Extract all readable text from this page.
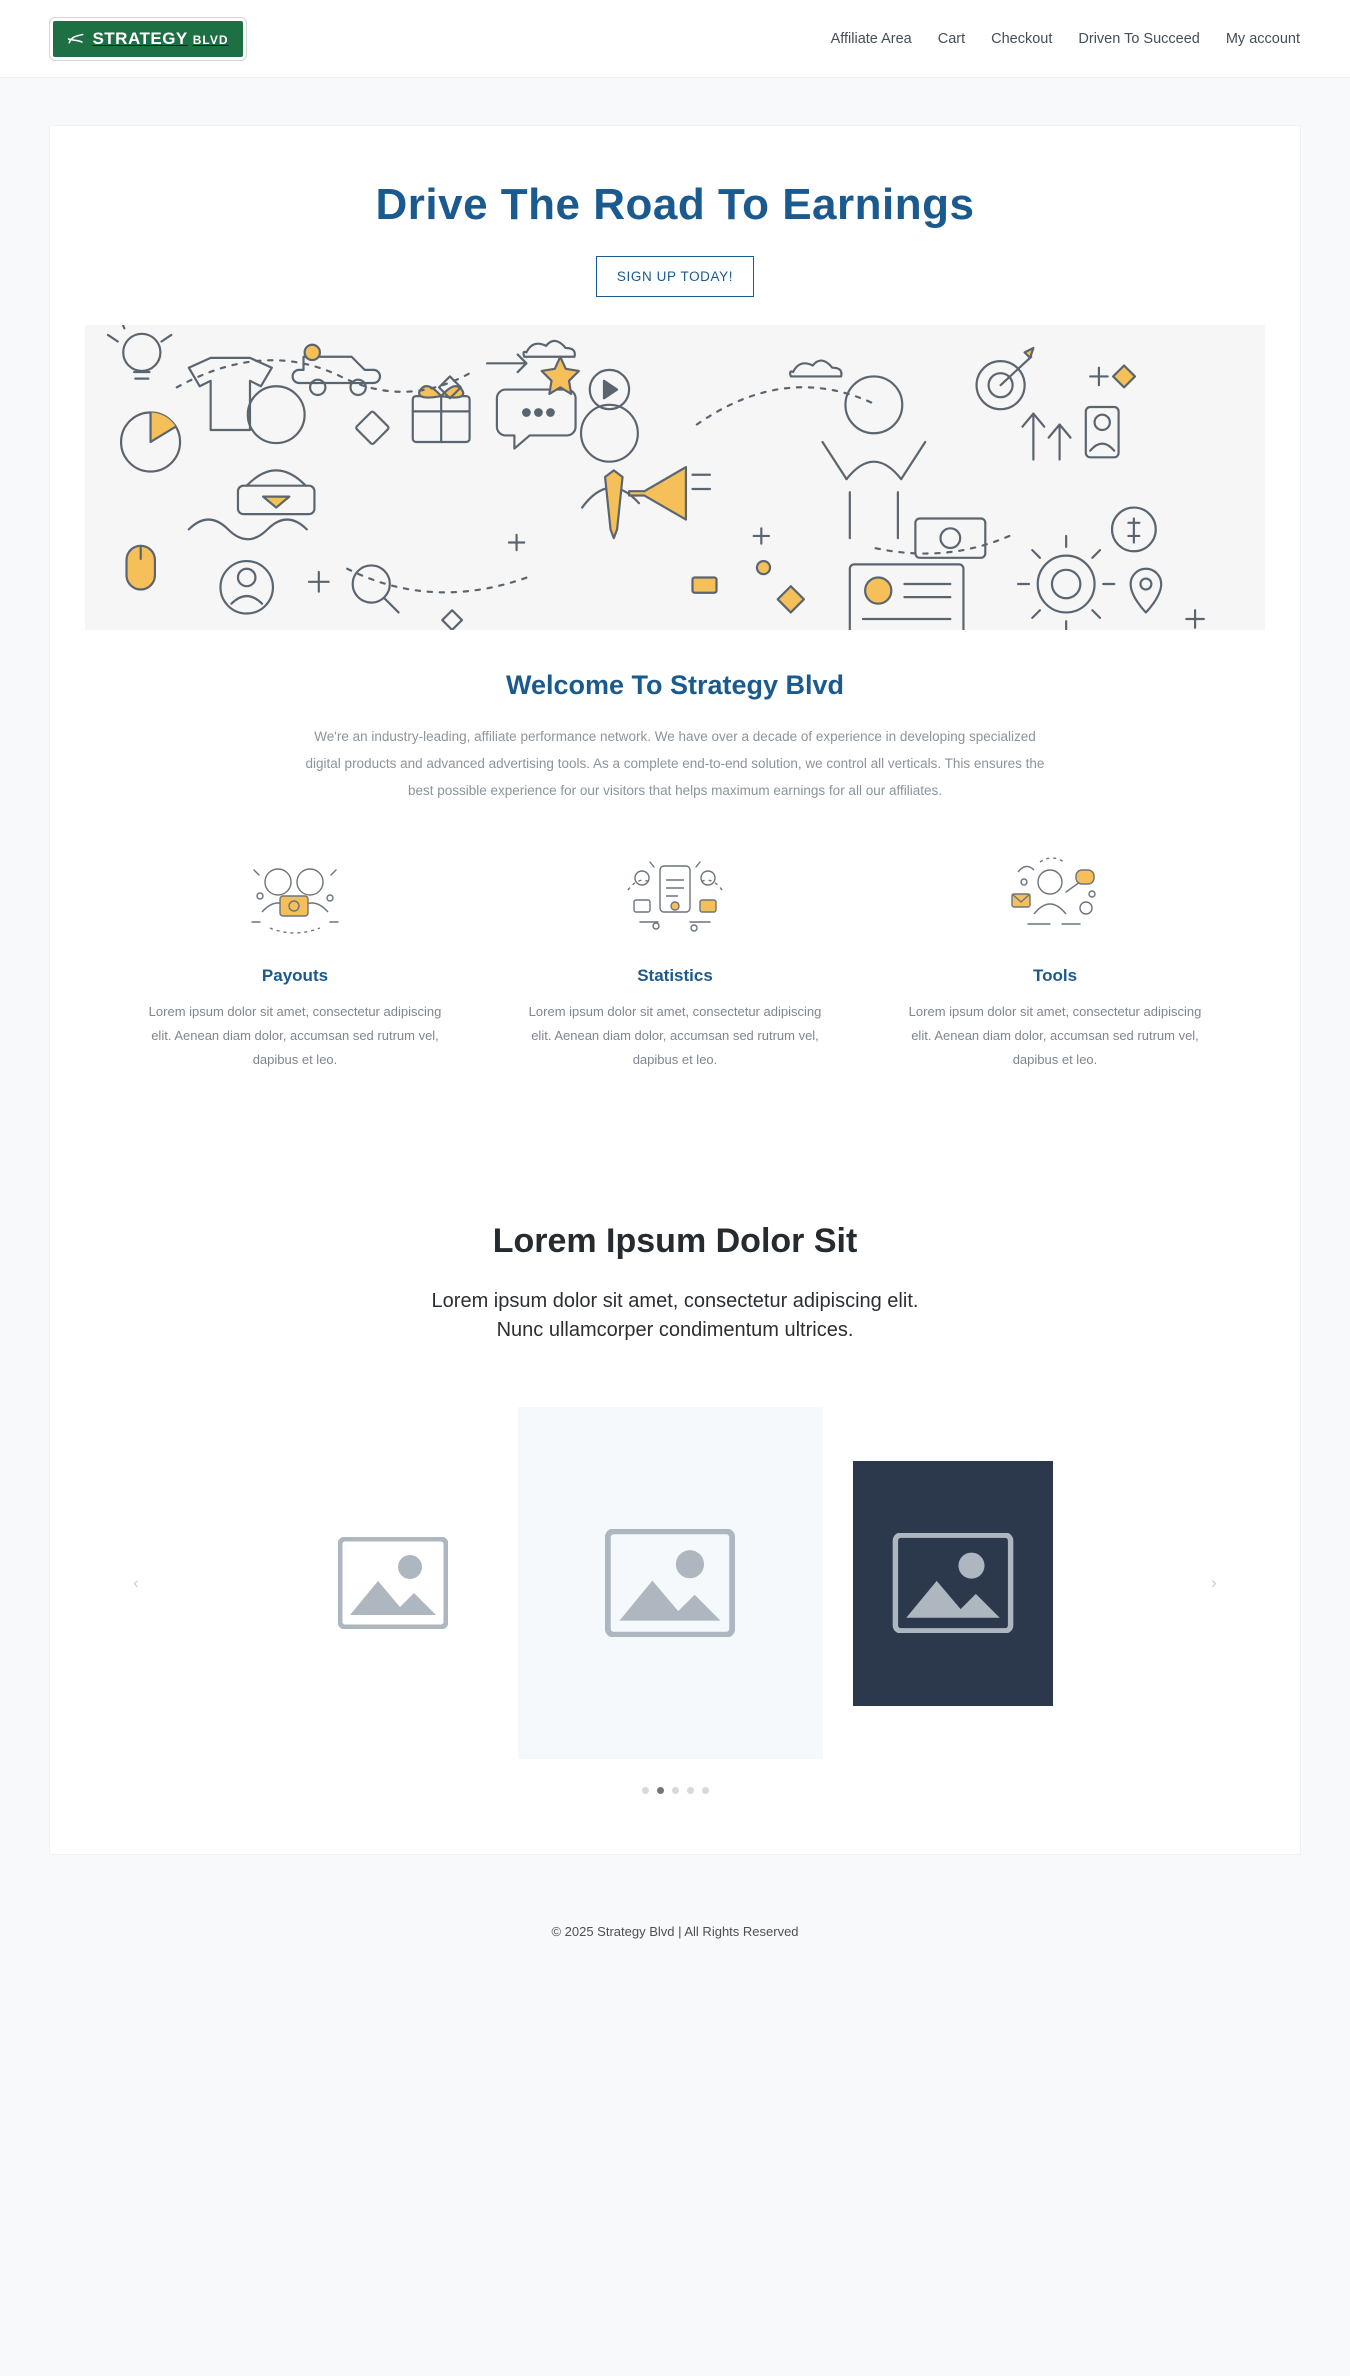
STRATEGY BLVD	Affiliate Area Cart Checkout Driven To Succeed My account
Drive The Road To Earnings
SIGN UP TODAY!
Welcome To Strategy Blvd

We're an industry-leading, affiliate performance network. We have over a decade of experience in developing specialized digital products and advanced advertising tools. As a complete end-to-end solution, we control all verticals. This ensures the best possible experience for our visitors that helps maximum earnings for all our affiliates.

Payouts

Lorem ipsum dolor sit amet, consectetur adipiscing elit. Aenean diam dolor, accumsan sed rutrum vel, dapibus et leo.

Statistics

Lorem ipsum dolor sit amet, consectetur adipiscing elit. Aenean diam dolor, accumsan sed rutrum vel, dapibus et leo.

Tools

Lorem ipsum dolor sit amet, consectetur adipiscing elit. Aenean diam dolor, accumsan sed rutrum vel, dapibus et leo.

Lorem Ipsum Dolor Sit

Lorem ipsum dolor sit amet, consectetur adipiscing elit.
Nunc ullamcorper condimentum ultrices.

‹	›
© 2025 Strategy Blvd | All Rights Reserved
